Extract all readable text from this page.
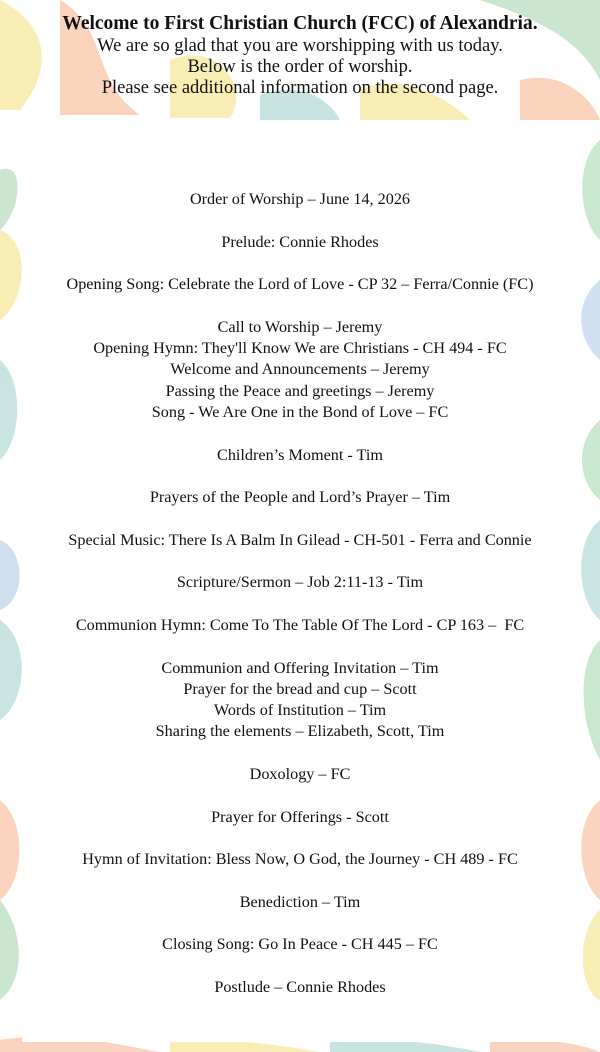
Welcome to First Christian Church (FCC) of Alexandria.
We are so glad that you are worshipping with us today.
Below is the order of worship.
Please see additional information on the second page.
Order of Worship – June 14, 2026
Prelude: Connie Rhodes
Opening Song: Celebrate the Lord of Love - CP 32 – Ferra/Connie (FC)
Call to Worship – Jeremy
Opening Hymn: They'll Know We are Christians - CH 494 - FC
Welcome and Announcements – Jeremy
Passing the Peace and greetings – Jeremy
Song - We Are One in the Bond of Love – FC
Children’s Moment - Tim
Prayers of the People and Lord’s Prayer – Tim
Special Music: There Is A Balm In Gilead - CH-501 - Ferra and Connie
Scripture/Sermon – Job 2:11-13 - Tim
Communion Hymn: Come To The Table Of The Lord - CP 163 –  FC
Communion and Offering Invitation – Tim
Prayer for the bread and cup – Scott
Words of Institution – Tim
Sharing the elements – Elizabeth, Scott, Tim
Doxology – FC
Prayer for Offerings - Scott
Hymn of Invitation: Bless Now, O God, the Journey - CH 489 - FC
Benediction – Tim
Closing Song: Go In Peace - CH 445 – FC
Postlude – Connie Rhodes
